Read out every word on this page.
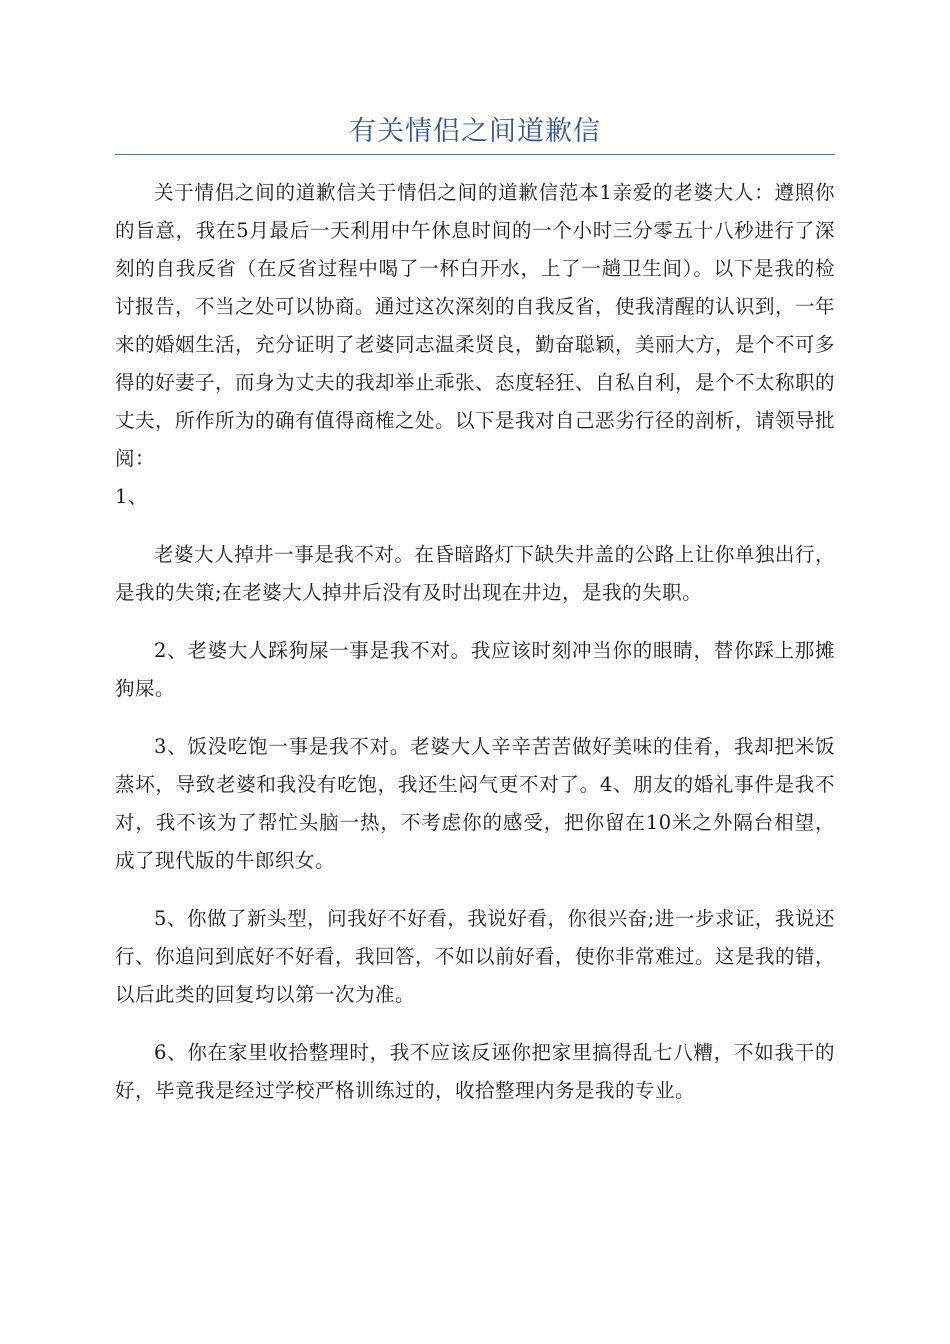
有关情侣之间道歉信

关于情侣之间的道歉信关于情侣之间的道歉信范本1亲爱的老婆大人：遵照你的旨意，我在5月最后一天利用中午休息时间的一个小时三分零五十八秒进行了深刻的自我反省（在反省过程中喝了一杯白开水，上了一趟卫生间）。以下是我的检讨报告，不当之处可以协商。通过这次深刻的自我反省，使我清醒的认识到，一年来的婚姻生活，充分证明了老婆同志温柔贤良，勤奋聪颖，美丽大方，是个不可多得的好妻子，而身为丈夫的我却举止乖张、态度轻狂、自私自利，是个不太称职的丈夫，所作所为的确有值得商榷之处。以下是我对自己恶劣行径的剖析，请领导批阅：

1、

老婆大人掉井一事是我不对。在昏暗路灯下缺失井盖的公路上让你单独出行，是我的失策;在老婆大人掉井后没有及时出现在井边，是我的失职。

2、老婆大人踩狗屎一事是我不对。我应该时刻冲当你的眼睛，替你踩上那摊狗屎。

3、饭没吃饱一事是我不对。老婆大人辛辛苦苦做好美味的佳肴，我却把米饭蒸坏，导致老婆和我没有吃饱，我还生闷气更不对了。4、朋友的婚礼事件是我不对，我不该为了帮忙头脑一热，不考虑你的感受，把你留在10米之外隔台相望，成了现代版的牛郎织女。

5、你做了新头型，问我好不好看，我说好看，你很兴奋;进一步求证，我说还行、你追问到底好不好看，我回答，不如以前好看，使你非常难过。这是我的错，以后此类的回复均以第一次为准。

6、你在家里收拾整理时，我不应该反诬你把家里搞得乱七八糟，不如我干的好，毕竟我是经过学校严格训练过的，收拾整理内务是我的专业。
